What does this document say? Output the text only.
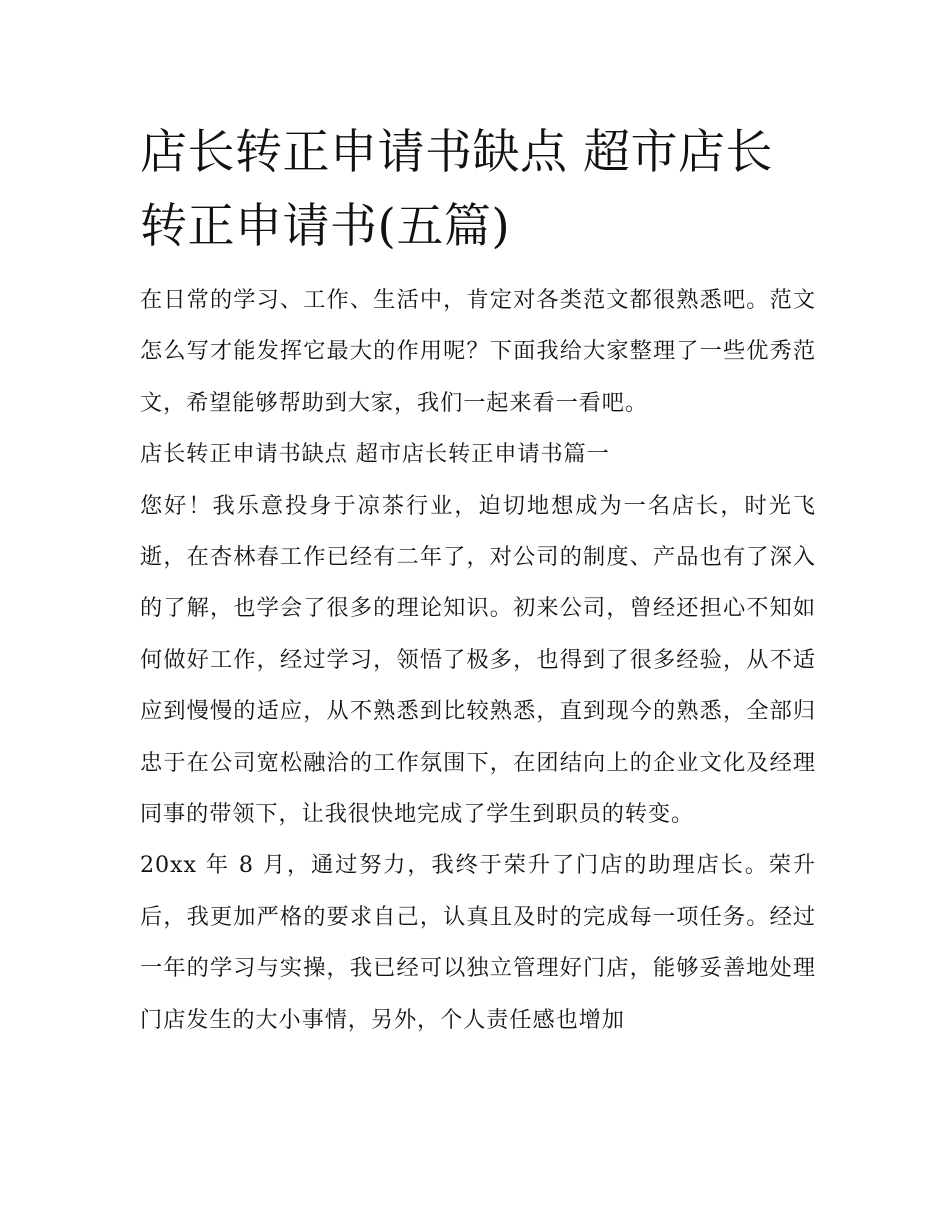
店长转正申请书缺点 超市店长转正申请书(五篇)

在日常的学习、工作、生活中，肯定对各类范文都很熟悉吧。范文怎么写才能发挥它最大的作用呢？下面我给大家整理了一些优秀范文，希望能够帮助到大家，我们一起来看一看吧。

店长转正申请书缺点 超市店长转正申请书篇一

您好！我乐意投身于凉茶行业，迫切地想成为一名店长，时光飞逝，在杏林春工作已经有二年了，对公司的制度、产品也有了深入的了解，也学会了很多的理论知识。初来公司，曾经还担心不知如何做好工作，经过学习，领悟了极多，也得到了很多经验，从不适应到慢慢的适应，从不熟悉到比较熟悉，直到现今的熟悉，全部归忠于在公司宽松融洽的工作氛围下，在团结向上的企业文化及经理同事的带领下，让我很快地完成了学生到职员的转变。

20xx 年 8 月，通过努力，我终于荣升了门店的助理店长。荣升后，我更加严格的要求自己，认真且及时的完成每一项任务。经过一年的学习与实操，我已经可以独立管理好门店，能够妥善地处理门店发生的大小事情，另外，个人责任感也增加
